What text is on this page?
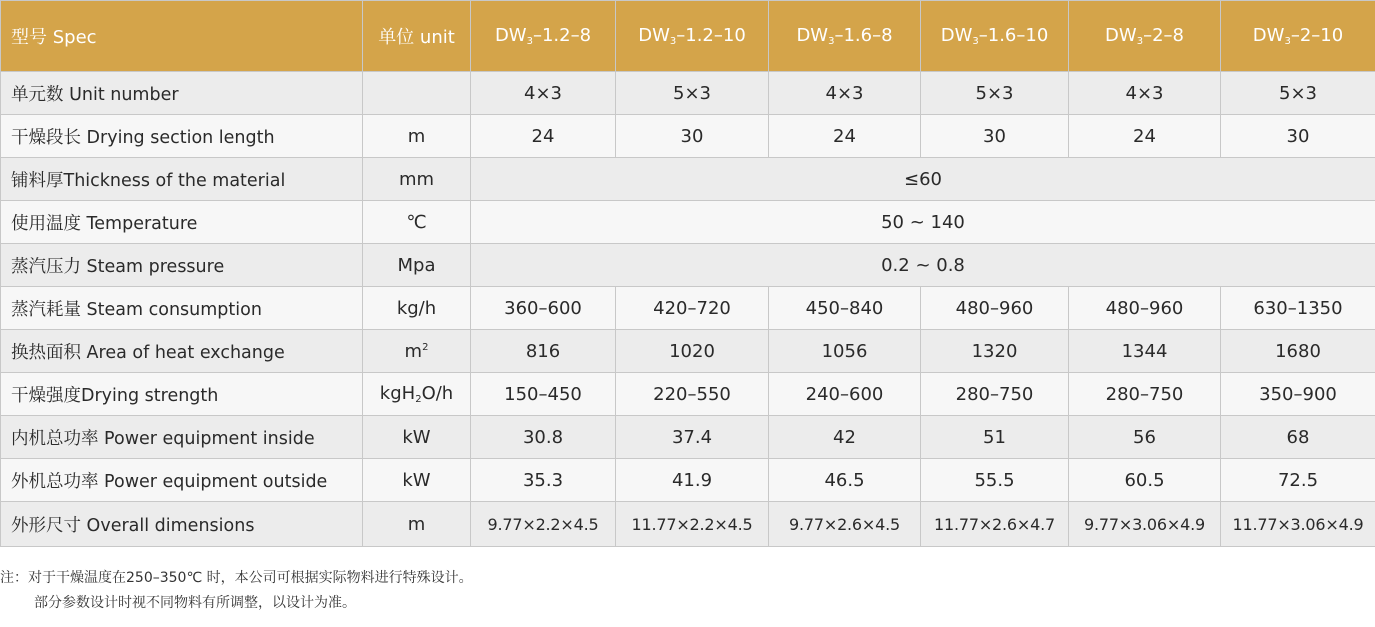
型号 Spec	单位 unit	$DW_3-1.2-8$	$DW_3-1.2-10$	$DW_3-1.6-8$	$DW_3-1.6-10$	$DW_3-2-8$	$DW_3-2-10$
单元数 Unit number		4×3	5×3	4×3	5×3	4×3	5×3
干燥段长 Drying section length	m	24	30	24	30	24	30
铺料厚Thickness of the material	mm	≤60					
使用温度 Temperature	℃	50 ~ 140					
蒸汽压力 Steam pressure	Mpa	0.2 ~ 0.8					
蒸汽耗量 Steam consumption	kg/h	360–600	420–720	450–840	480–960	480–960	630–1350
换热面积 Area of heat exchange	$m^2$	816	1020	1056	1320	1344	1680
干燥强度Drying strength	kgH$_2$O/h	150–450	220–550	240–600	280–750	280–750	350–900
内机总功率 Power equipment inside	kW	30.8	37.4	42	51	56	68
外机总功率 Power equipment outside	kW	35.3	41.9	46.5	55.5	60.5	72.5
外形尺寸 Overall dimensions	m	9.77×2.2×4.5	11.77×2.2×4.5	9.77×2.6×4.5	11.77×2.6×4.7	9.77×3.06×4.9	11.77×3.06×4.9
注：对于干燥温度在250–350℃ 时，本公司可根据实际物料进行特殊设计。
部分参数设计时视不同物料有所调整，以设计为准。
